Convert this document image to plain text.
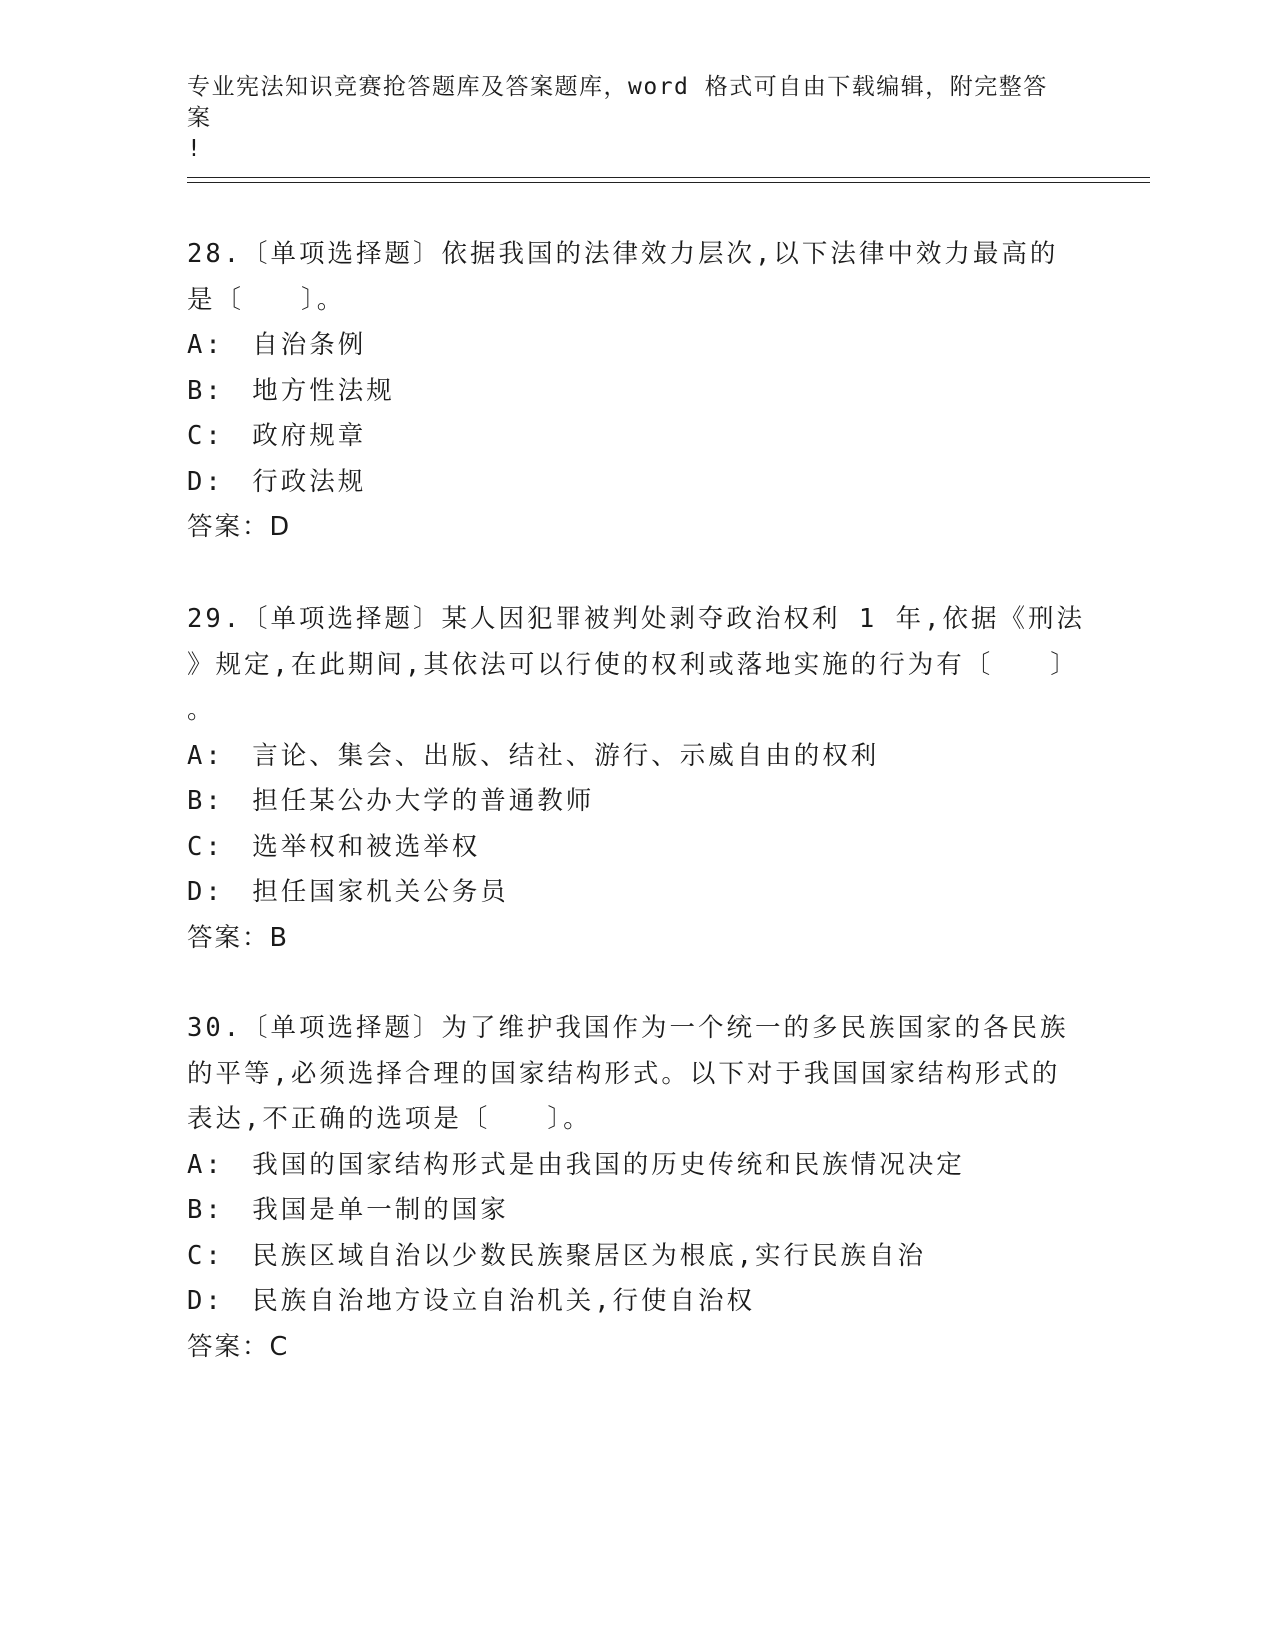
专业宪法知识竞赛抢答题库及答案题库，word 格式可自由下载编辑，附完整答案
!

28.〔单项选择题〕依据我国的法律效力层次,以下法律中效力最高的
是〔　　〕。

A:　自治条例

B:　地方性法规

C:　政府规章

D:　行政法规

答案：D

29.〔单项选择题〕某人因犯罪被判处剥夺政治权利 1 年,依据《刑法
》规定,在此期间,其依法可以行使的权利或落地实施的行为有〔　　〕
。

A:　言论、集会、出版、结社、游行、示威自由的权利

B:　担任某公办大学的普通教师

C:　选举权和被选举权

D:　担任国家机关公务员

答案：B

30.〔单项选择题〕为了维护我国作为一个统一的多民族国家的各民族
的平等,必须选择合理的国家结构形式。以下对于我国国家结构形式的
表达,不正确的选项是〔　　〕。

A:　我国的国家结构形式是由我国的历史传统和民族情况决定

B:　我国是单一制的国家

C:　民族区域自治以少数民族聚居区为根底,实行民族自治

D:　民族自治地方设立自治机关,行使自治权

答案：C
